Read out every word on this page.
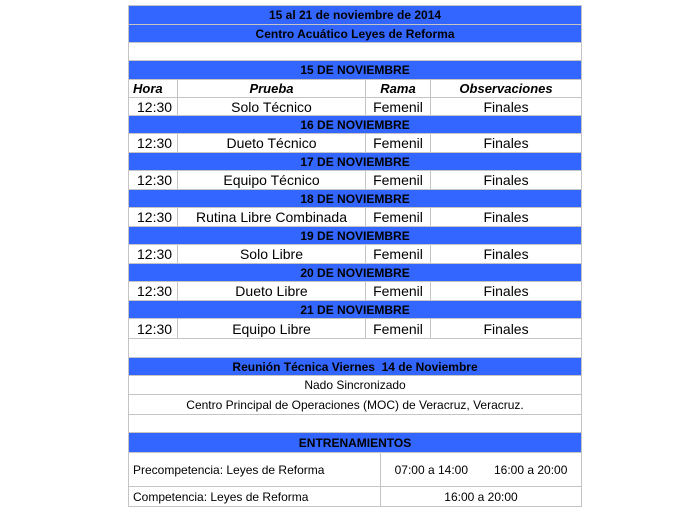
15 al 21 de noviembre de 2014			
Centro Acuático Leyes de Reforma			

15 DE NOVIEMBRE			
Hora	Prueba	Rama	Observaciones
12:30	Solo Técnico	Femenil	Finales
16 DE NOVIEMBRE			
12:30	Dueto Técnico	Femenil	Finales
17 DE NOVIEMBRE			
12:30	Equipo Técnico	Femenil	Finales
18 DE NOVIEMBRE			
12:30	Rutina Libre Combinada	Femenil	Finales
19 DE NOVIEMBRE			
12:30	Solo Libre	Femenil	Finales
20 DE NOVIEMBRE			
12:30	Dueto Libre	Femenil	Finales
21 DE NOVIEMBRE			
12:30	Equipo Libre	Femenil	Finales

Reunión Técnica Viernes  14 de Noviembre			
Nado Sincronizado			
Centro Principal de Operaciones (MOC) de Veracruz, Veracruz.			

ENTRENAMIENTOS			
Precompetencia: Leyes de Reforma	07:00 a 14:00 16:00 a 20:00
Competencia: Leyes de Reforma	16:00 a 20:00
